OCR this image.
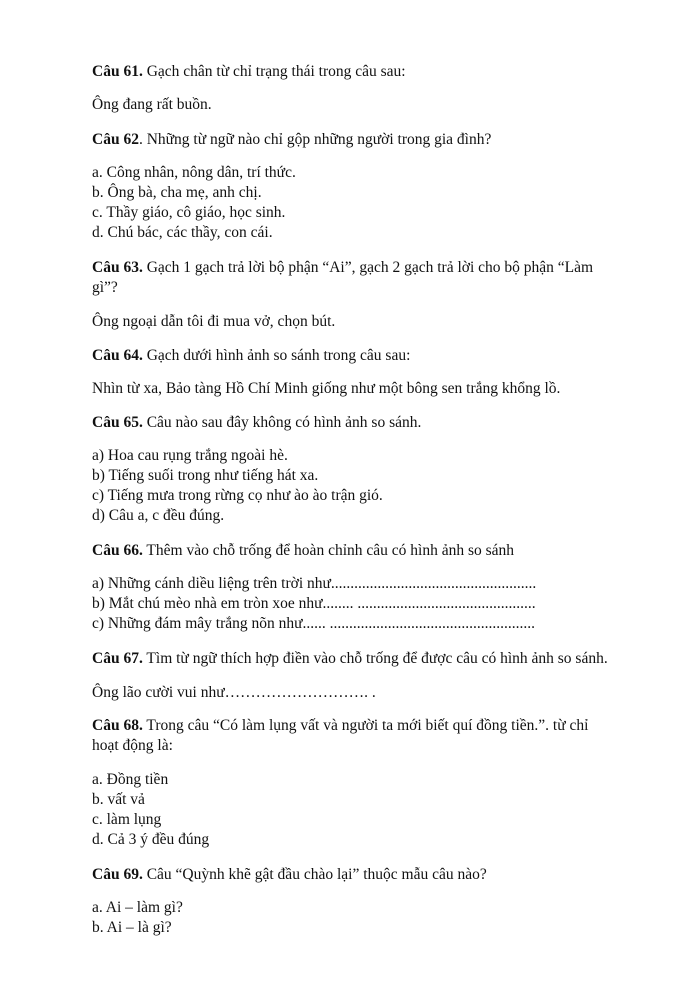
Câu 61. Gạch chân từ chỉ trạng thái trong câu sau:

Ông đang rất buồn.

Câu 62. Những từ ngữ nào chỉ gộp những người trong gia đình?

a. Công nhân, nông dân, trí thức.

b. Ông bà, cha mẹ, anh chị.

c. Thầy giáo, cô giáo, học sinh.

d. Chú bác, các thầy, con cái.

Câu 63. Gạch 1 gạch trả lời bộ phận “Ai”, gạch 2 gạch trả lời cho bộ phận “Làm

gì”?

Ông ngoại dẫn tôi đi mua vở, chọn bút.

Câu 64. Gạch dưới hình ảnh so sánh trong câu sau:

Nhìn từ xa, Bảo tàng Hồ Chí Minh giống như một bông sen trắng khổng lồ.

Câu 65. Câu nào sau đây không có hình ảnh so sánh.

a) Hoa cau rụng trắng ngoài hè.

b) Tiếng suối trong như tiếng hát xa.

c) Tiếng mưa trong rừng cọ như ào ào trận gió.

d) Câu a, c đều đúng.

Câu 66. Thêm vào chỗ trống để hoàn chỉnh câu có hình ảnh so sánh

a) Những cánh diều liệng trên trời như.....................................................

b) Mắt chú mèo nhà em tròn xoe như........ ..............................................

c) Những đám mây trắng nõn như...... .....................................................

Câu 67. Tìm từ ngữ thích hợp điền vào chỗ trống để được câu có hình ảnh so sánh.

Ông lão cười vui như………………………. .

Câu 68. Trong câu “Có làm lụng vất và người ta mới biết quí đồng tiền.”. từ chỉ

hoạt động là:

a. Đồng tiền

b. vất vả

c. làm lụng

d. Cả 3 ý đều đúng

Câu 69. Câu “Quỳnh khẽ gật đầu chào lại” thuộc mẫu câu nào?

a. Ai – làm gì?

b. Ai – là gì?
